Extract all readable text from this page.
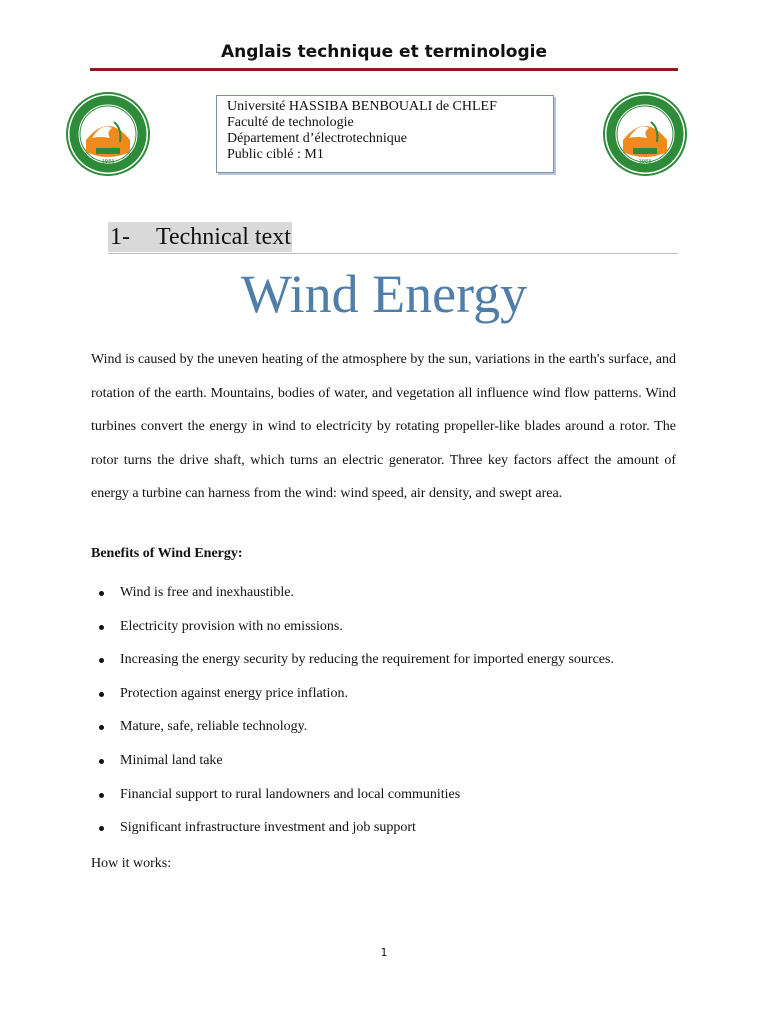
Anglais technique et terminologie
1983	1983
Université HASSIBA BENBOUALI de CHLEF
Faculté de technologie
Département d’électrotechnique
Public ciblé : M1
1- Technical text
Wind Energy
Wind is caused by the uneven heating of the atmosphere by the sun, variations in the earth's surface, and rotation of the earth. Mountains, bodies of water, and vegetation all influence wind flow patterns. Wind turbines convert the energy in wind to electricity by rotating propeller-like blades around a rotor. The rotor turns the drive shaft, which turns an electric generator. Three key factors affect the amount of energy a turbine can harness from the wind: wind speed, air density, and swept area.
Benefits of Wind Energy:
Wind is free and inexhaustible.
Electricity provision with no emissions.
Increasing the energy security by reducing the requirement for imported energy sources.
Protection against energy price inflation.
Mature, safe, reliable technology.
Minimal land take
Financial support to rural landowners and local communities
Significant infrastructure investment and job support
How it works:
1
